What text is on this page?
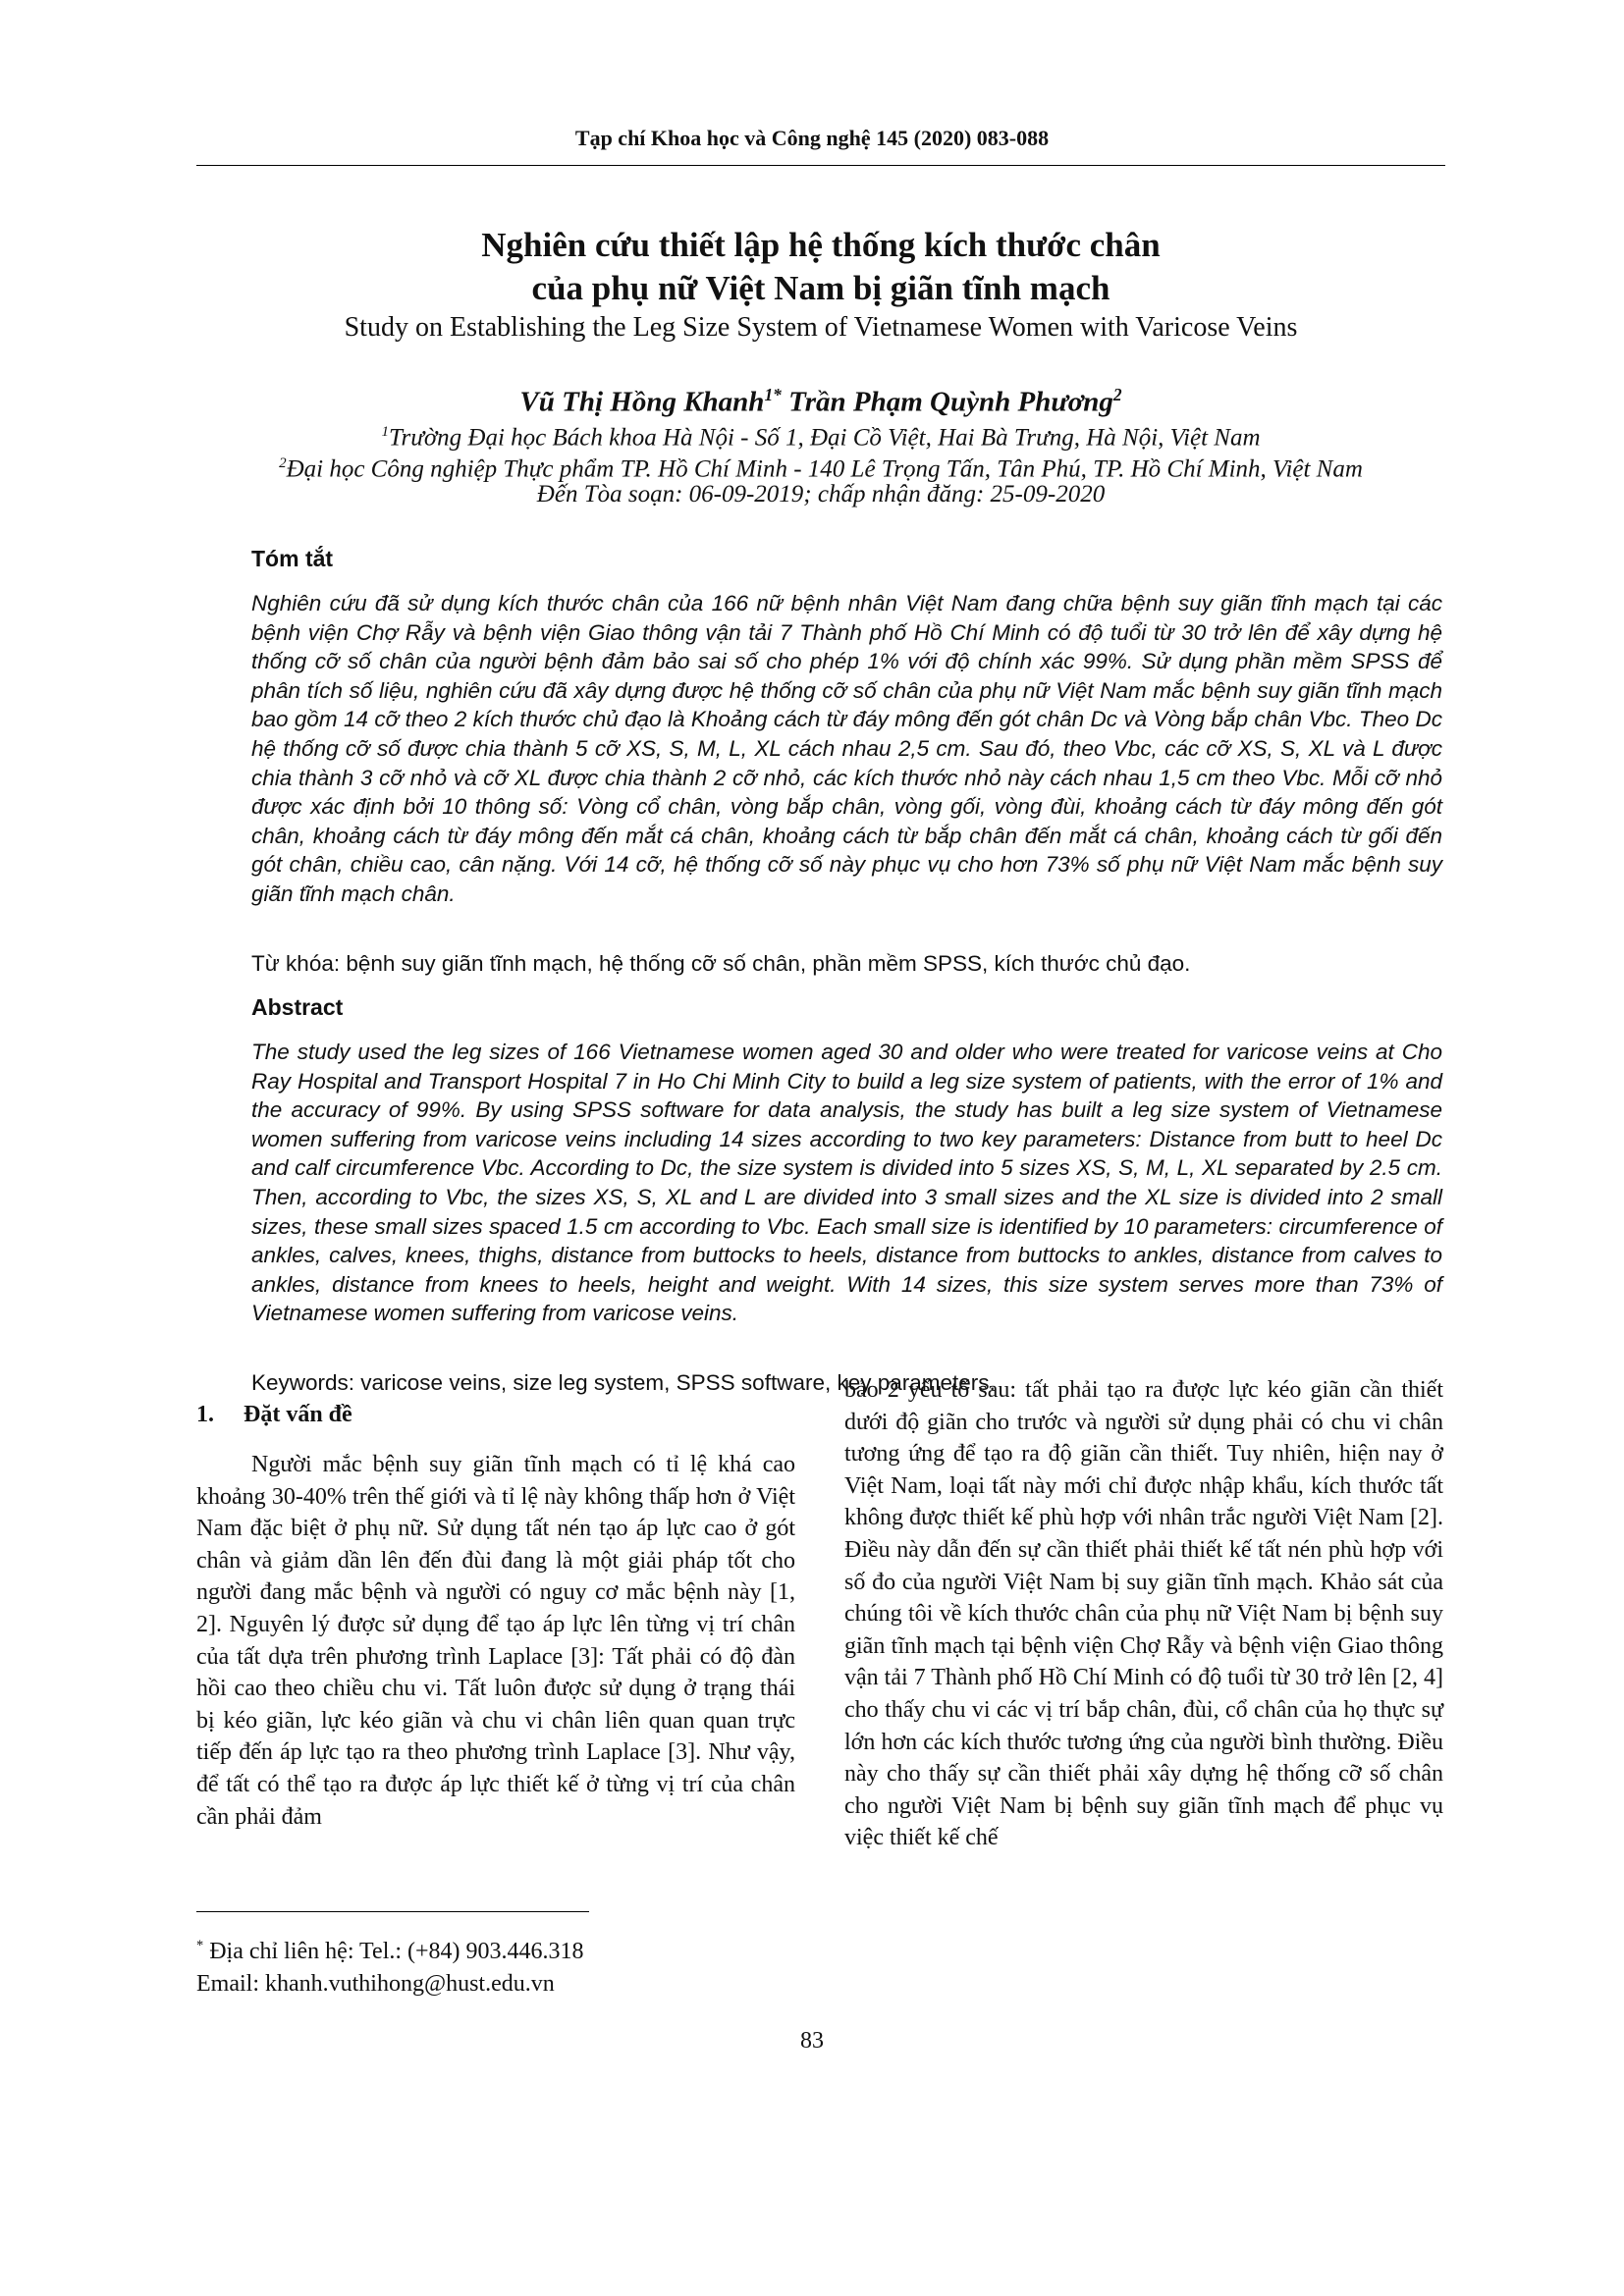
Tạp chí Khoa học và Công nghệ 145 (2020) 083-088
Nghiên cứu thiết lập hệ thống kích thước chân
của phụ nữ Việt Nam bị giãn tĩnh mạch
Study on Establishing the Leg Size System of Vietnamese Women with Varicose Veins
Vũ Thị Hồng Khanh$^{1*}$ Trần Phạm Quỳnh Phương$^2$
$^1$Trường Đại học Bách khoa Hà Nội - Số 1, Đại Cồ Việt, Hai Bà Trưng, Hà Nội, Việt Nam
$^2$Đại học Công nghiệp Thực phẩm TP. Hồ Chí Minh - 140 Lê Trọng Tấn, Tân Phú, TP. Hồ Chí Minh, Việt Nam
Đến Tòa soạn: 06-09-2019; chấp nhận đăng: 25-09-2020
Tóm tắt

Nghiên cứu đã sử dụng kích thước chân của 166 nữ bệnh nhân Việt Nam đang chữa bệnh suy giãn tĩnh mạch tại các bệnh viện Chợ Rẫy và bệnh viện Giao thông vận tải 7 Thành phố Hồ Chí Minh có độ tuổi từ 30 trở lên để xây dựng hệ thống cỡ số chân của người bệnh đảm bảo sai số cho phép 1% với độ chính xác 99%. Sử dụng phần mềm SPSS để phân tích số liệu, nghiên cứu đã xây dựng được hệ thống cỡ số chân của phụ nữ Việt Nam mắc bệnh suy giãn tĩnh mạch bao gồm 14 cỡ theo 2 kích thước chủ đạo là Khoảng cách từ đáy mông đến gót chân Dc và Vòng bắp chân Vbc. Theo Dc hệ thống cỡ số được chia thành 5 cỡ XS, S, M, L, XL cách nhau 2,5 cm. Sau đó, theo Vbc, các cỡ XS, S, XL và L được chia thành 3 cỡ nhỏ và cỡ XL được chia thành 2 cỡ nhỏ, các kích thước nhỏ này cách nhau 1,5 cm theo Vbc. Mỗi cỡ nhỏ được xác định bởi 10 thông số: Vòng cổ chân, vòng bắp chân, vòng gối, vòng đùi, khoảng cách từ đáy mông đến gót chân, khoảng cách từ đáy mông đến mắt cá chân, khoảng cách từ bắp chân đến mắt cá chân, khoảng cách từ gối đến gót chân, chiều cao, cân nặng. Với 14 cỡ, hệ thống cỡ số này phục vụ cho hơn 73% số phụ nữ Việt Nam mắc bệnh suy giãn tĩnh mạch chân.

Từ khóa: bệnh suy giãn tĩnh mạch, hệ thống cỡ số chân, phần mềm SPSS, kích thước chủ đạo.

Abstract

The study used the leg sizes of 166 Vietnamese women aged 30 and older who were treated for varicose veins at Cho Ray Hospital and Transport Hospital 7 in Ho Chi Minh City to build a leg size system of patients, with the error of 1% and the accuracy of 99%. By using SPSS software for data analysis, the study has built a leg size system of Vietnamese women suffering from varicose veins including 14 sizes according to two key parameters: Distance from butt to heel Dc and calf circumference Vbc. According to Dc, the size system is divided into 5 sizes XS, S, M, L, XL separated by 2.5 cm. Then, according to Vbc, the sizes XS, S, XL and L are divided into 3 small sizes and the XL size is divided into 2 small sizes, these small sizes spaced 1.5 cm according to Vbc. Each small size is identified by 10 parameters: circumference of ankles, calves, knees, thighs, distance from buttocks to heels, distance from buttocks to ankles, distance from calves to ankles, distance from knees to heels, height and weight. With 14 sizes, this size system serves more than 73% of Vietnamese women suffering from varicose veins.

Keywords: varicose veins, size leg system, SPSS software, key parameters.

1.     Đặt vấn đề

Người mắc bệnh suy giãn tĩnh mạch có tỉ lệ khá cao khoảng 30-40% trên thế giới và tỉ lệ này không thấp hơn ở Việt Nam đặc biệt ở phụ nữ. Sử dụng tất nén tạo áp lực cao ở gót chân và giảm dần lên đến đùi đang là một giải pháp tốt cho người đang mắc bệnh và người có nguy cơ mắc bệnh này [1, 2]. Nguyên lý được sử dụng để tạo áp lực lên từng vị trí chân của tất dựa trên phương trình Laplace [3]: Tất phải có độ đàn hồi cao theo chiều chu vi. Tất luôn được sử dụng ở trạng thái bị kéo giãn, lực kéo giãn và chu vi chân liên quan quan trực tiếp đến áp lực tạo ra theo phương trình Laplace [3]. Như vậy, để tất có thể tạo ra được áp lực thiết kế ở từng vị trí của chân cần phải đảm

bảo 2 yếu tố sau: tất phải tạo ra được lực kéo giãn cần thiết dưới độ giãn cho trước và người sử dụng phải có chu vi chân tương ứng để tạo ra độ giãn cần thiết. Tuy nhiên, hiện nay ở Việt Nam, loại tất này mới chỉ được nhập khẩu, kích thước tất không được thiết kế phù hợp với nhân trắc người Việt Nam [2]. Điều này dẫn đến sự cần thiết phải thiết kế tất nén phù hợp với số đo của người Việt Nam bị suy giãn tĩnh mạch. Khảo sát của chúng tôi về kích thước chân của phụ nữ Việt Nam bị bệnh suy giãn tĩnh mạch tại bệnh viện Chợ Rẫy và bệnh viện Giao thông vận tải 7 Thành phố Hồ Chí Minh có độ tuổi từ 30 trở lên [2, 4] cho thấy chu vi các vị trí bắp chân, đùi, cổ chân của họ thực sự lớn hơn các kích thước tương ứng của người bình thường. Điều này cho thấy sự cần thiết phải xây dựng hệ thống cỡ số chân cho người Việt Nam bị bệnh suy giãn tĩnh mạch để phục vụ việc thiết kế chế

* Địa chỉ liên hệ: Tel.: (+84) 903.446.318
Email: khanh.vuthihong@hust.edu.vn
83
